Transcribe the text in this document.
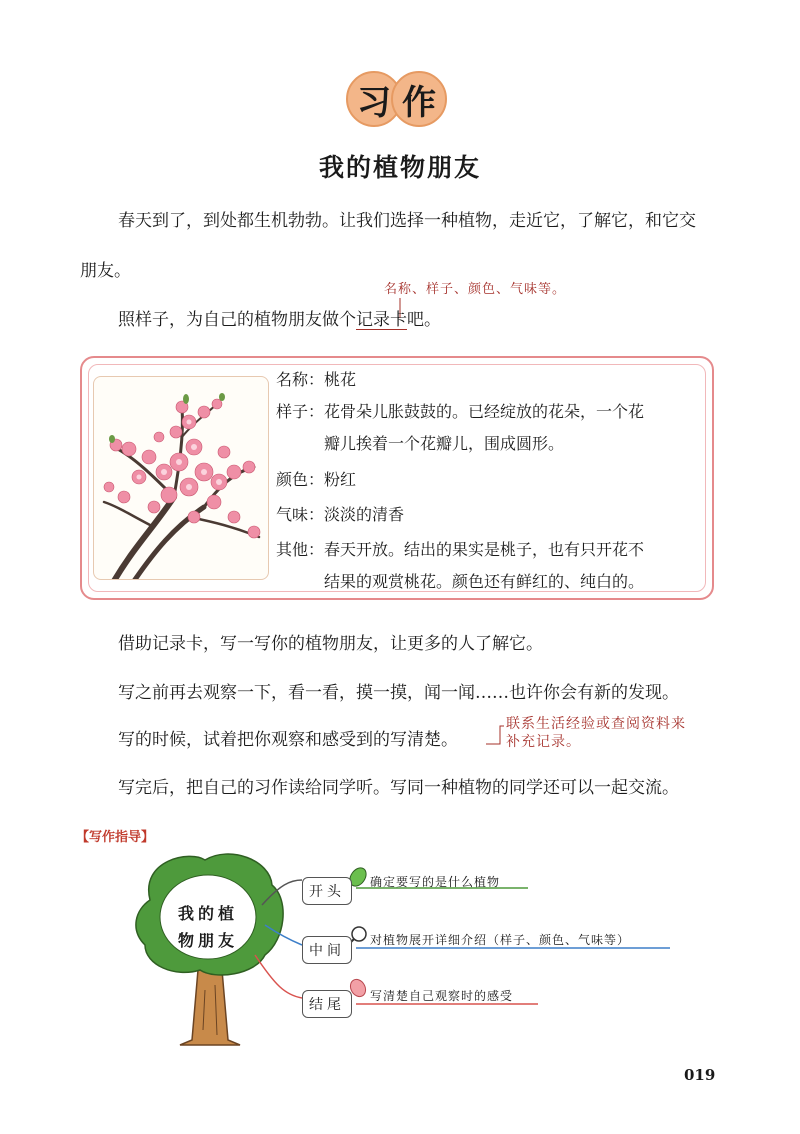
习 作
我的植物朋友
春天到了，到处都生机勃勃。让我们选择一种植物，走近它，了解它，和它交
朋友。
名称、样子、颜色、气味等。
照样子，为自己的植物朋友做个记录卡吧。
名称：桃花
样子：花骨朵儿胀鼓鼓的。已经绽放的花朵，一个花
瓣儿挨着一个花瓣儿，围成圆形。
颜色：粉红
气味：淡淡的清香
其他：春天开放。结出的果实是桃子，也有只开花不
结果的观赏桃花。颜色还有鲜红的、纯白的。
借助记录卡，写一写你的植物朋友，让更多的人了解它。
写之前再去观察一下，看一看，摸一摸，闻一闻……也许你会有新的发现。
写的时候，试着把你观察和感受到的写清楚。
联系生活经验或查阅资料来
补充记录。
写完后，把自己的习作读给同学听。写同一种植物的同学还可以一起交流。
【写作指导】
我的植
物朋友
开头
确定要写的是什么植物
中间
对植物展开详细介绍（样子、颜色、气味等）
结尾
写清楚自己观察时的感受
019
